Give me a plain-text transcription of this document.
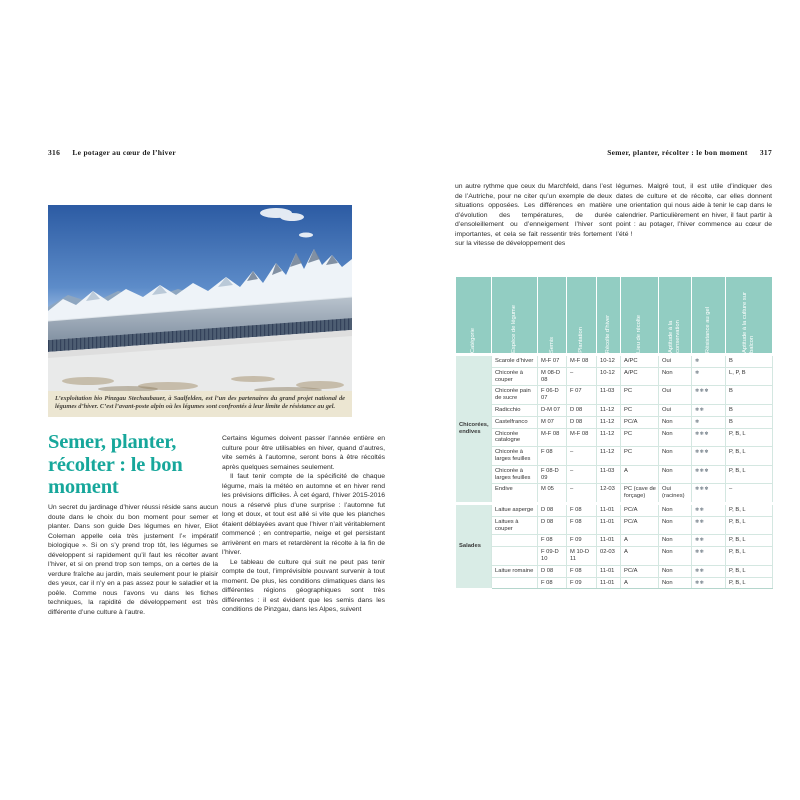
316 Le potager au cœur de l’hiver
L’exploitation bio Pinzgau Stechaubauer, à Saalfelden, est l’un des partenaires du grand projet national de légumes d’hiver. C’est l’avant-poste alpin où les légumes sont confrontés à leur limite de résistance au gel.
Semer, planter, récolter : le bon moment

Un secret du jardinage d’hiver réussi réside sans aucun doute dans le choix du bon moment pour semer et planter. Dans son guide Des légumes en hiver, Eliot Coleman appelle cela très justement l’« impératif biologique ». Si on s’y prend trop tôt, les légumes se développent si rapidement qu’il faut les récolter avant l’hiver, et si on prend trop son temps, on a certes de la verdure fraîche au jardin, mais seulement pour le plaisir des yeux, car il n’y en a pas assez pour le saladier et la poêle. Comme nous l’avons vu dans les fiches techniques, la rapidité de développement est très différente d’une culture à l’autre.

Certains légumes doivent passer l’année entière en culture pour être utilisables en hiver, quand d’autres, vite semés à l’automne, seront bons à être récoltés après quelques semaines seulement.

Il faut tenir compte de la spécificité de chaque légume, mais la météo en automne et en hiver rend les prévisions difficiles. À cet égard, l’hiver 2015-2016 nous a réservé plus d’une surprise : l’automne fut long et doux, et tout est allé si vite que les planches étaient déblayées avant que l’hiver n’ait véritablement commencé ; en contrepartie, neige et gel persistant arrivèrent en mars et retardèrent la récolte à la fin de l’hiver.

Le tableau de culture qui suit ne peut pas tenir compte de tout, l’imprévisible pouvant survenir à tout moment. De plus, les conditions climatiques dans les différentes régions géographiques sont très différentes : il est évident que les semis dans les conditions de Pinzgau, dans les Alpes, suivent

Semer, planter, récolter : le bon moment 317

un autre rythme que ceux du Marchfeld, dans l’est de l’Autriche, pour ne citer qu’un exemple de deux situations opposées. Les différences en matière d’évolution des températures, de durée d’ensoleillement ou d’enneigement l’hiver sont importantes, et cela se fait ressentir très fortement sur la vitesse de développement des

légumes. Malgré tout, il est utile d’indiquer des dates de culture et de récolte, car elles donnent une orientation qui nous aide à tenir le cap dans le calendrier. Particulièrement en hiver, il faut partir à point : au potager, l’hiver commence au cœur de l’été !

Catégorie	Espèce de légume	Semis	Plantation	Récolte d’hiver	Lieu de récolte	Aptitude à la conservation	Résistance au gel	Aptitude à la culture sur balcon

Chicorées, endives	Scarole d’hiver	M-F 07	M-F 08	10-12	A/PC	Oui	❄	B
	Chicorée à couper	M 08-D 08	–	10-12	A/PC	Non	❄	L, P, B
	Chicorée pain de sucre	F 06-D 07	F 07	11-03	PC	Oui	❄❄❄	B
	Radicchio	D-M 07	D 08	11-12	PC	Oui	❄❄	B
	Castelfranco	M 07	D 08	11-12	PC/A	Non	❄	B
	Chicorée catalogne	M-F 08	M-F 08	11-12	PC	Non	❄❄❄	P, B, L
	Chicorée à larges feuilles	F 08	–	11-12	PC	Non	❄❄❄	P, B, L
	Chicorée à larges feuilles	F 08-D 09	–	11-03	A	Non	❄❄❄	P, B, L
	Endive	M 05	–	12-03	PC (cave de forçage)	Oui (racines)	❄❄❄	–
Salades	Laitue asperge	D 08	F 08	11-01	PC/A	Non	❄❄	P, B, L
	Laitues à couper	D 08	F 08	11-01	PC/A	Non	❄❄	P, B, L
		F 08	F 09	11-01	A	Non	❄❄	P, B, L
		F 09-D 10	M 10-D 11	02-03	A	Non	❄❄	P, B, L
	Laitue romaine	D 08	F 08	11-01	PC/A	Non	❄❄	P, B, L
		F 08	F 09	11-01	A	Non	❄❄	P, B, L
